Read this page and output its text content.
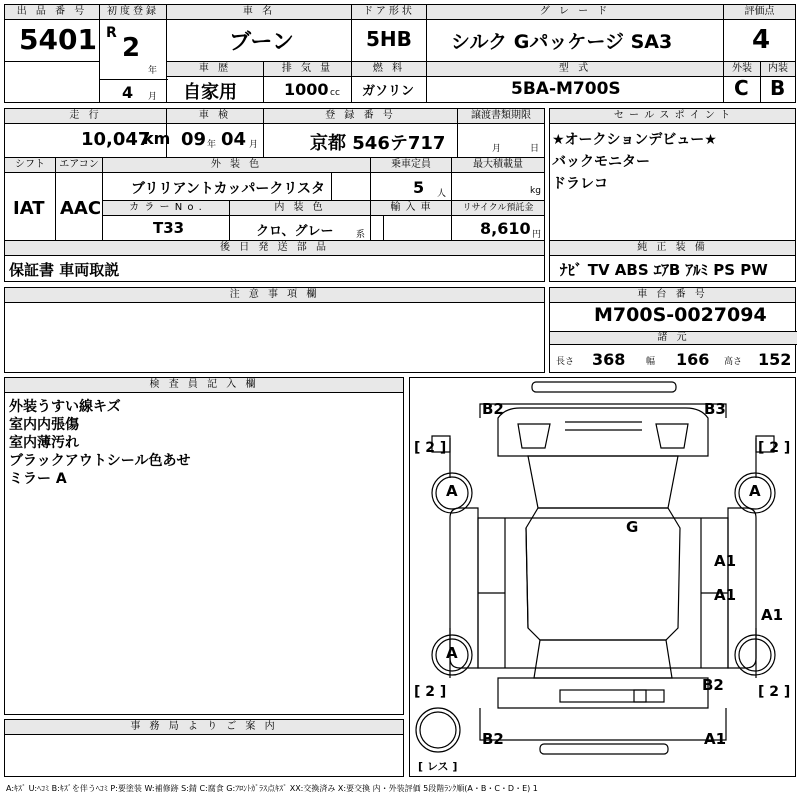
出 品 番 号
5401
初度登録
R 2
年
4 月
車 名
ブーン
ドア形状
5HB
グ レ ー ド
シルク Gパッケージ SA3
評価点
4
車 歴
自家用
排 気 量
1000 cc
燃 料
ガソリン
型 式
5BA-M700S
外装
C
内装
B
走 行
10,047
km
車 検
09 年 04 月
登 録 番 号
京都 546テ717
譲渡書類期限
月	日
セ ー ル ス ポ イ ン ト
★オークションデビュー★
バックモニター
ドラレコ
シフト
IAT
エアコン
AAC
外 装 色
ブリリアントカッパークリスタ
乗車定員
5 人
最大積載量
kg
カ ラ ー N o .
T33
内 装 色
クロ、グレー	系
輸 入 車	リサイクル預託金
8,610 円
後 日 発 送 部 品
保証書 車両取説
純 正 装 備
ﾅﾋﾞ TV ABS ｴｱB ｱﾙﾐ PS PW
注 意 事 項 欄	車 台 番 号
M700S-0027094
諸 元
長さ 368 幅 166 高さ 152
検 査 員 記 入 欄
外装うすい線キズ
室内内張傷
室内薄汚れ
ブラックアウトシール色あせ
ミラー A
事 務 局 よ り ご 案 内
B2	B3
[ 2 ]	[ 2 ]
A	A
G
A1
A1
A1
A
[ 2 ]	[ 2 ]
B2
B2	A1
[ レス ]
A:ｷｽﾞ U:ﾍｺﾐ B:ｷｽﾞを伴うﾍｺﾐ P:要塗装 W:補修跡 S:錆 C:腐食 G:ﾌﾛﾝﾄｶﾞﾗｽ点ｷｽﾞ XX:交換済み X:要交換 内・外装評価 5段階ﾗﾝｸ順(A・B・C・D・E) 1
